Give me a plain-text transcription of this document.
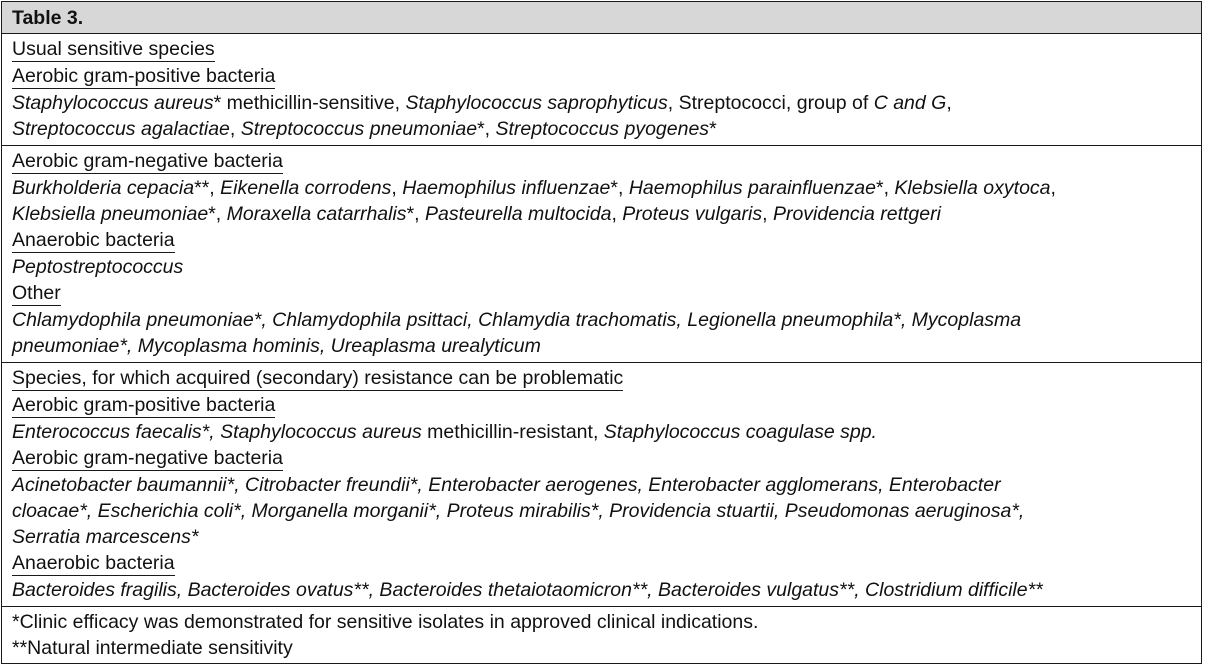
Table 3.
Usual sensitive species
Aerobic gram-positive bacteria
Staphylococcus aureus* methicillin-sensitive, Staphylococcus saprophyticus, Streptococci, group of C and G,
Streptococcus agalactiae, Streptococcus pneumoniae*, Streptococcus pyogenes*
Aerobic gram-negative bacteria
Burkholderia cepacia**, Eikenella corrodens, Haemophilus influenzae*, Haemophilus parainfluenzae*, Klebsiella oxytoca,
Klebsiella pneumoniae*, Moraxella catarrhalis*, Pasteurella multocida, Proteus vulgaris, Providencia rettgeri
Anaerobic bacteria
Peptostreptococcus
Other
Chlamydophila pneumoniae*, Chlamydophila psittaci, Chlamydia trachomatis, Legionella pneumophila*, Mycoplasma
pneumoniae*, Mycoplasma hominis, Ureaplasma urealyticum
Species, for which acquired (secondary) resistance can be problematic
Aerobic gram-positive bacteria
Enterococcus faecalis*, Staphylococcus aureus methicillin-resistant, Staphylococcus coagulase spp.
Aerobic gram-negative bacteria
Acinetobacter baumannii*, Citrobacter freundii*, Enterobacter aerogenes, Enterobacter agglomerans, Enterobacter
cloacae*, Escherichia coli*, Morganella morganii*, Proteus mirabilis*, Providencia stuartii, Pseudomonas aeruginosa*,
Serratia marcescens*
Anaerobic bacteria
Bacteroides fragilis, Bacteroides ovatus**, Bacteroides thetaiotaomicron**, Bacteroides vulgatus**, Clostridium difficile**
*Clinic efficacy was demonstrated for sensitive isolates in approved clinical indications.
**Natural intermediate sensitivity
